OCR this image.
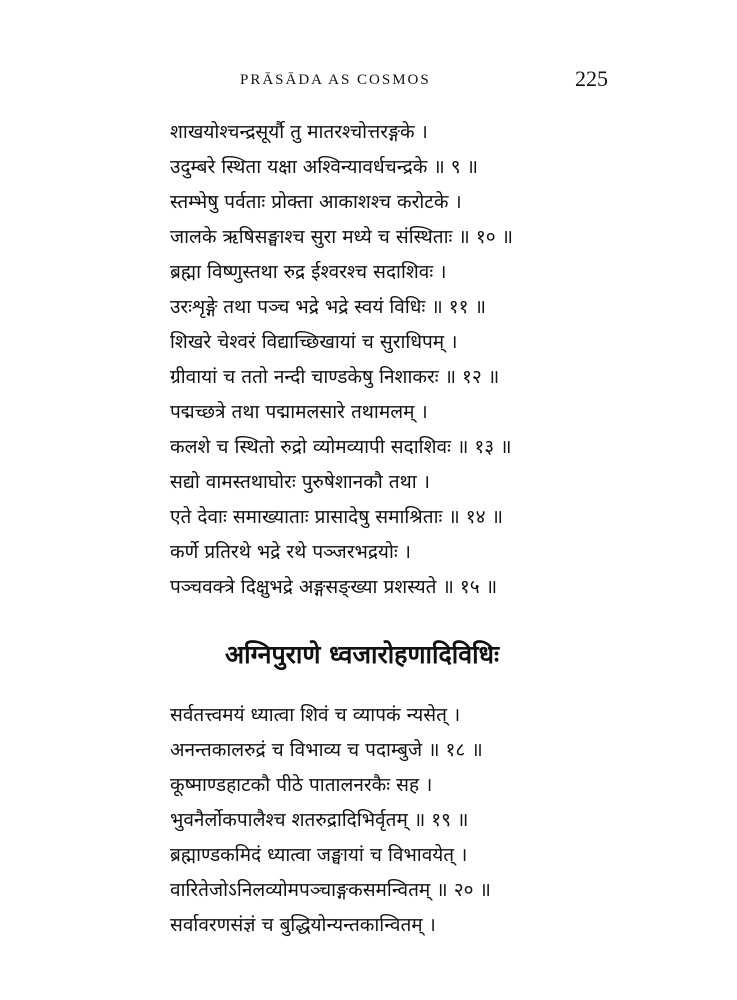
PRĀSĀDA AS COSMOS	225
शाखयोश्चन्द्रसूर्यौ तु मातरश्चोत्तरङ्गके ।
उदुम्बरे स्थिता यक्षा अश्विन्यावर्धचन्द्रके ॥ ९ ॥
स्तम्भेषु पर्वताः प्रोक्ता आकाशश्च करोटके ।
जालके ऋषिसङ्घाश्च सुरा मध्ये च संस्थिताः ॥ १० ॥
ब्रह्मा विष्णुस्तथा रुद्र ईश्वरश्च सदाशिवः ।
उरःशृङ्गे तथा पञ्च भद्रे भद्रे स्वयं विधिः ॥ ११ ॥
शिखरे चेश्वरं विद्याच्छिखायां च सुराधिपम् ।
ग्रीवायां च ततो नन्दी चाण्डकेषु निशाकरः ॥ १२ ॥
पद्मच्छत्रे तथा पद्मामलसारे तथामलम् ।
कलशे च स्थितो रुद्रो व्योमव्यापी सदाशिवः ॥ १३ ॥
सद्यो वामस्तथाघोरः पुरुषेशानकौ तथा ।
एते देवाः समाख्याताः प्रासादेषु समाश्रिताः ॥ १४ ॥
कर्णे प्रतिरथे भद्रे रथे पञ्जरभद्रयोः ।
पञ्चवक्त्रे दिक्षुभद्रे अङ्गसङ्ख्या प्रशस्यते ॥ १५ ॥
अग्निपुराणे ध्वजारोहणादिविधिः
सर्वतत्त्वमयं ध्यात्वा शिवं च व्यापकं न्यसेत् ।
अनन्तकालरुद्रं च विभाव्य च पदाम्बुजे ॥ १८ ॥
कूष्माण्डहाटकौ पीठे पातालनरकैः सह ।
भुवनैर्लोकपालैश्च शतरुद्रादिभिर्वृतम् ॥ १९ ॥
ब्रह्माण्डकमिदं ध्यात्वा जङ्घायां च विभावयेत् ।
वारितेजोऽनिलव्योमपञ्चाङ्गकसमन्वितम् ॥ २० ॥
सर्वावरणसंज्ञं च बुद्धियोन्यन्तकान्वितम् ।
